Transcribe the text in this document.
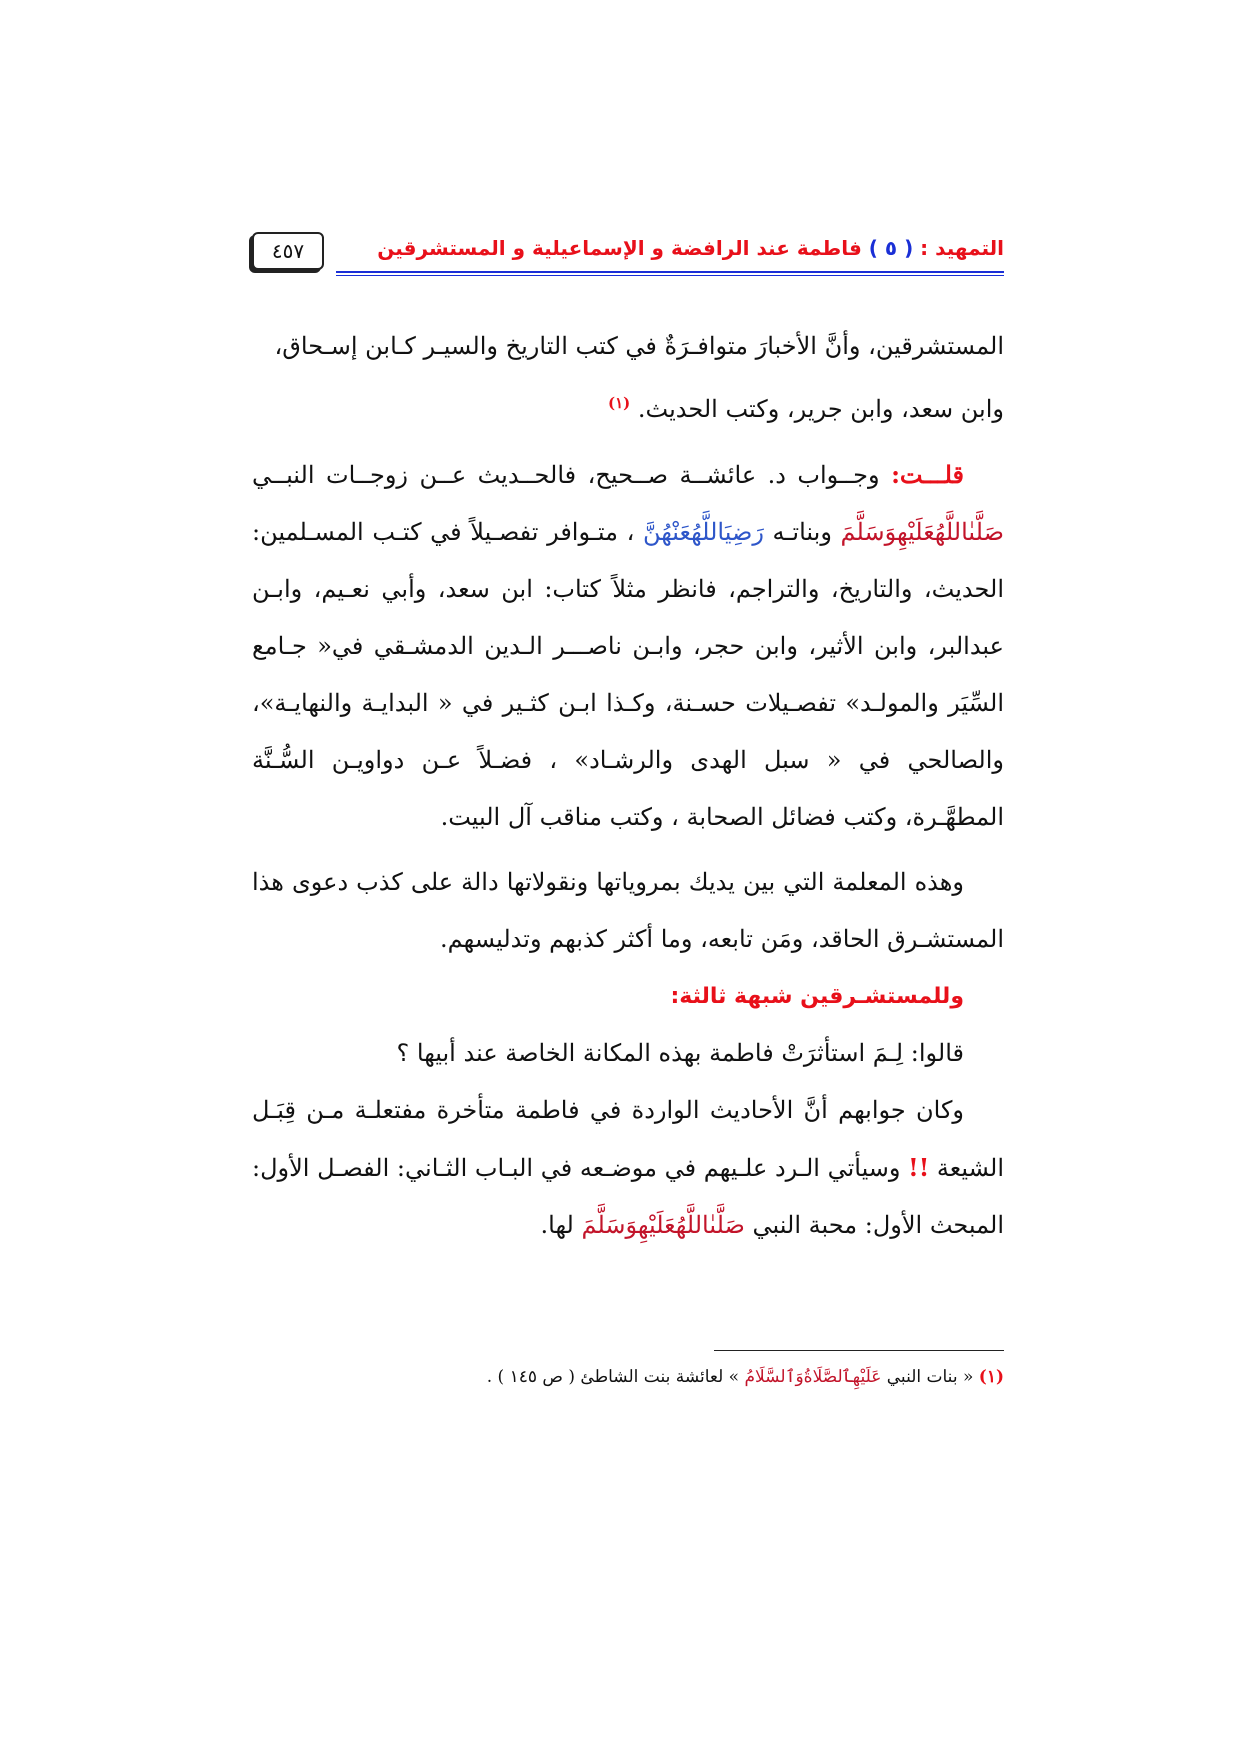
التمهيد : ( ٥ ) فاطمة عند الرافضة و الإسماعيلية و المستشرقين
٤٥٧

المستشرقين، وأنَّ الأخبارَ متوافـرَةٌ في كتب التاريخ والسيـر كـابن إسـحاق،
وابن سعد، وابن جرير، وكتب الحديث. $^{(١)}$

قلـــت: وجــواب د. عائشــة صــحيح، فالحــديث عــن زوجــات النبــي صَلَّىٰاللَّهُعَلَيْهِوَسَلَّمَ وبناتـه رَضِيَاللَّهُعَنْهُنَّ ، متـوافر تفصـيلاً في كتـب المسـلمين: الحديث، والتاريخ، والتراجم، فانظر مثلاً كتاب: ابن سعد، وأبي نعـيم، وابـن عبدالبر، وابن الأثير، وابن حجر، وابـن ناصـــر الـدين الدمشـقي في« جـامع السِّيَر والمولـد» تفصـيلات حسـنة، وكـذا ابـن كثـير في « البدايـة والنهايـة»، والصالحي في « سبل الهدى والرشـاد» ، فضـلاً عـن دواويـن السُّـنَّة المطهَّـرة، وكتب فضائل الصحابة ، وكتب مناقب آل البيت.

وهذه المعلمة التي بين يديك بمروياتها ونقولاتها دالة على كذب دعوى هذا المستشـرق الحاقد، ومَن تابعه، وما أكثر كذبهم وتدليسهم.

وللمستشـرقين شبهة ثالثة:

قالوا: لِـمَ استأثرَتْ فاطمة بهذه المكانة الخاصة عند أبيها ؟

وكان جوابهم أنَّ الأحاديث الواردة في فاطمة متأخرة مفتعلـة مـن قِبَـل الشيعة !! وسيأتي الـرد علـيهم في موضـعه في البـاب الثـاني: الفصـل الأول: المبحث الأول: محبة النبي صَلَّىٰاللَّهُعَلَيْهِوَسَلَّمَ لها.

(١) « بنات النبي عَلَيْهِٱلصَّلَاةُوَٱلسَّلَامُ » لعائشة بنت الشاطئ ( ص ١٤٥ ) .
